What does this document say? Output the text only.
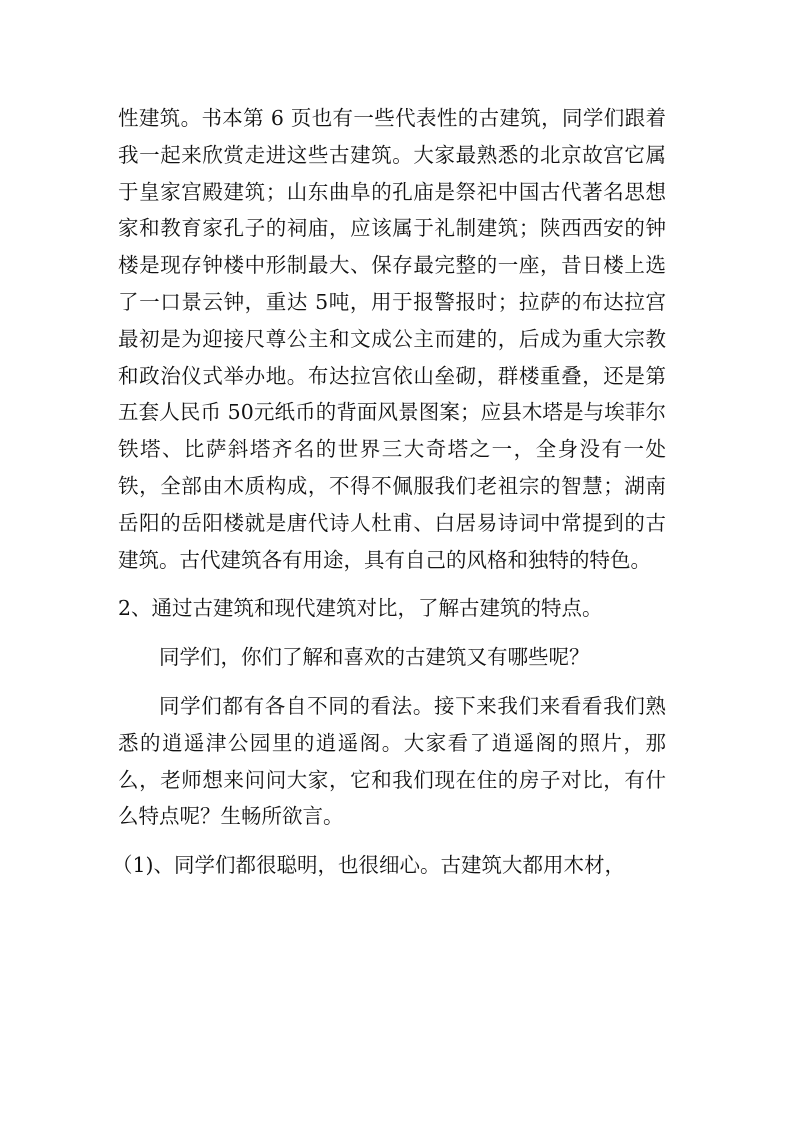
性建筑。书本第 6 页也有一些代表性的古建筑，同学们跟着我一起来欣赏走进这些古建筑。大家最熟悉的北京故宫它属于皇家宫殿建筑；山东曲阜的孔庙是祭祀中国古代著名思想家和教育家孔子的祠庙，应该属于礼制建筑；陕西西安的钟楼是现存钟楼中形制最大、保存最完整的一座，昔日楼上选了一口景云钟，重达 5吨，用于报警报时；拉萨的布达拉宫最初是为迎接尺尊公主和文成公主而建的，后成为重大宗教和政治仪式举办地。布达拉宫依山垒砌，群楼重叠，还是第五套人民币 50元纸币的背面风景图案；应县木塔是与埃菲尔铁塔、比萨斜塔齐名的世界三大奇塔之一，全身没有一处铁，全部由木质构成，不得不佩服我们老祖宗的智慧；湖南岳阳的岳阳楼就是唐代诗人杜甫、白居易诗词中常提到的古建筑。古代建筑各有用途，具有自己的风格和独特的特色。

2、通过古建筑和现代建筑对比，了解古建筑的特点。

同学们，你们了解和喜欢的古建筑又有哪些呢？

同学们都有各自不同的看法。接下来我们来看看我们熟悉的逍遥津公园里的逍遥阁。大家看了逍遥阁的照片，那么，老师想来问问大家，它和我们现在住的房子对比，有什么特点呢？生畅所欲言。

（1)、同学们都很聪明，也很细心。古建筑大都用木材，
